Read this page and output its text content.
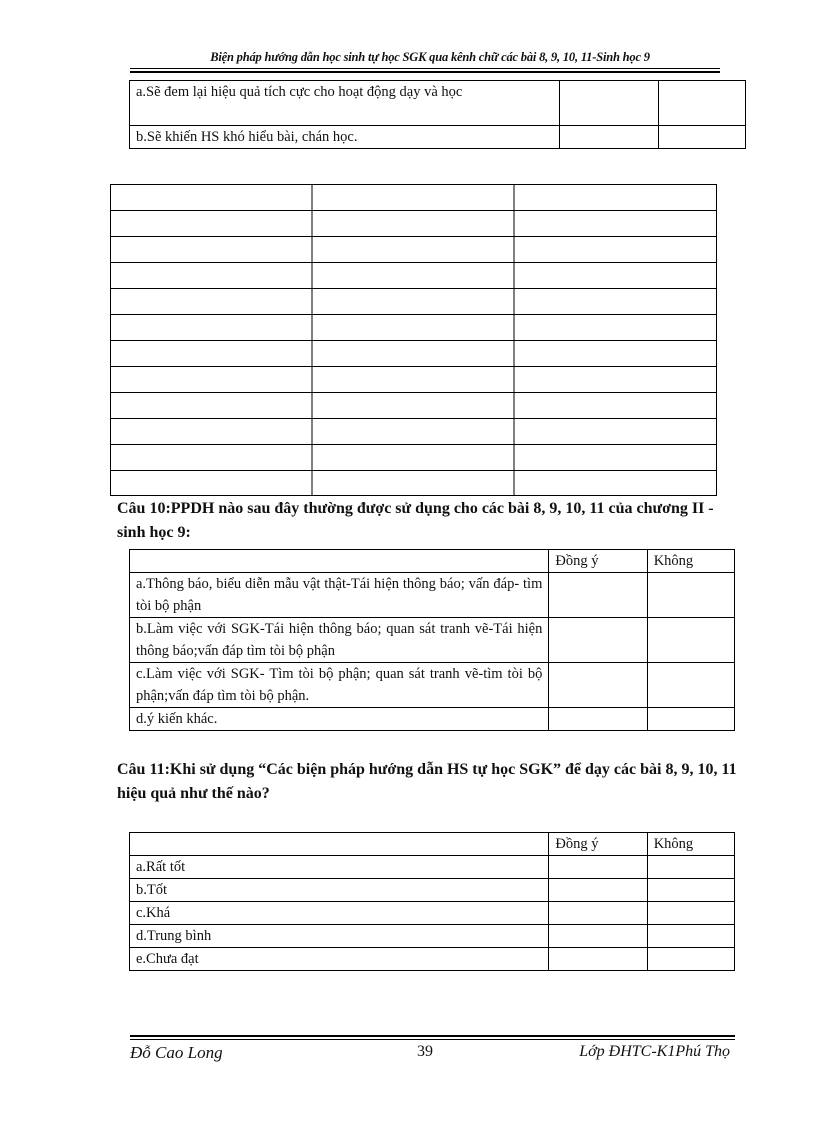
Biện pháp hướng dẫn học sinh tự học SGK qua kênh chữ các bài 8, 9, 10, 11-Sinh học 9
a.Sẽ đem lại hiệu quả tích cực cho hoạt động dạy và học		
b.Sẽ khiến HS khó hiểu bài, chán học.		
Câu 10:PPDH nào sau đây thường được sử dụng cho các bài 8, 9, 10, 11 của chương II - sinh học 9:
	Đồng ý	Không
a.Thông báo, biểu diễn mẫu vật thật-Tái hiện thông báo; vấn đáp- tìm tòi bộ phận		
b.Làm việc với SGK-Tái hiện thông báo; quan sát tranh vẽ-Tái hiện thông báo;vấn đáp tìm tòi bộ phận		
c.Làm việc với SGK- Tìm tòi bộ phận; quan sát tranh vẽ-tìm tòi bộ phận;vấn đáp tìm tòi bộ phận.		
d.ý kiến khác.		
Câu 11:Khi sử dụng “Các biện pháp hướng dẫn HS tự học SGK” để dạy các bài 8, 9, 10, 11 hiệu quả như thế nào?
	Đồng ý	Không
a.Rất tốt		
b.Tốt		
c.Khá		
d.Trung bình		
e.Chưa đạt		
Đỗ Cao Long	39	Lớp ĐHTC-K1Phú Thọ
